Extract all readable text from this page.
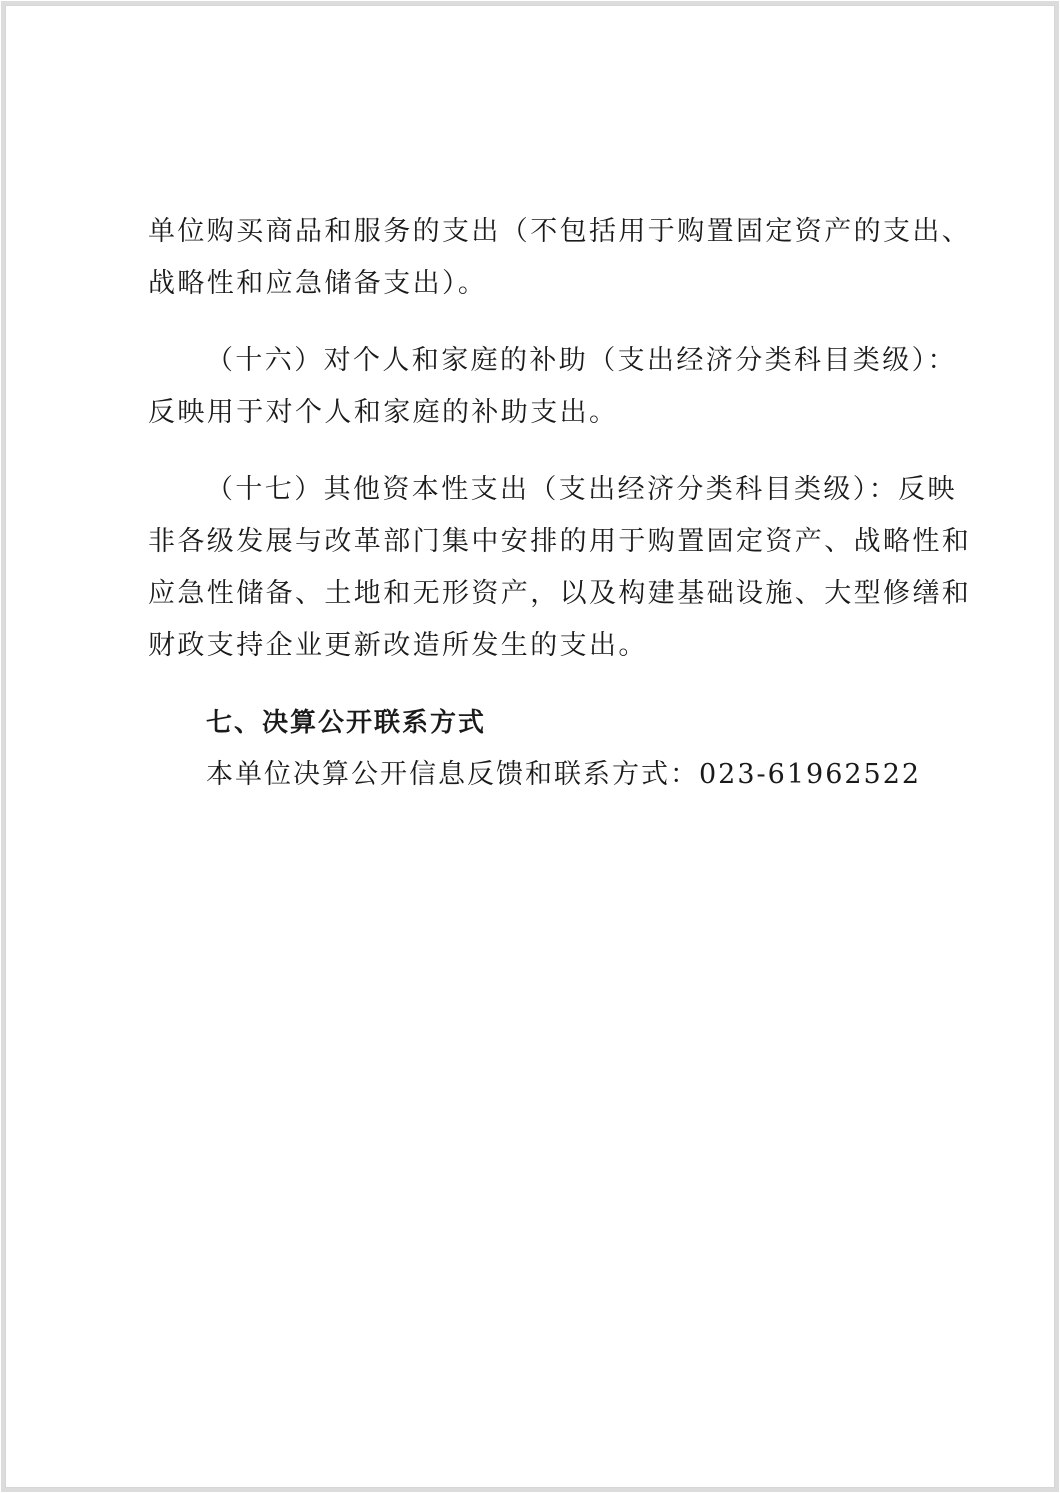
单位购买商品和服务的支出（不包括用于购置固定资产的支出、
战略性和应急储备支出）。
（十六）对个人和家庭的补助（支出经济分类科目类级）：
反映用于对个人和家庭的补助支出。
（十七）其他资本性支出（支出经济分类科目类级）：反映
非各级发展与改革部门集中安排的用于购置固定资产、战略性和
应急性储备、土地和无形资产，以及构建基础设施、大型修缮和
财政支持企业更新改造所发生的支出。
七、决算公开联系方式
本单位决算公开信息反馈和联系方式：023-61962522
